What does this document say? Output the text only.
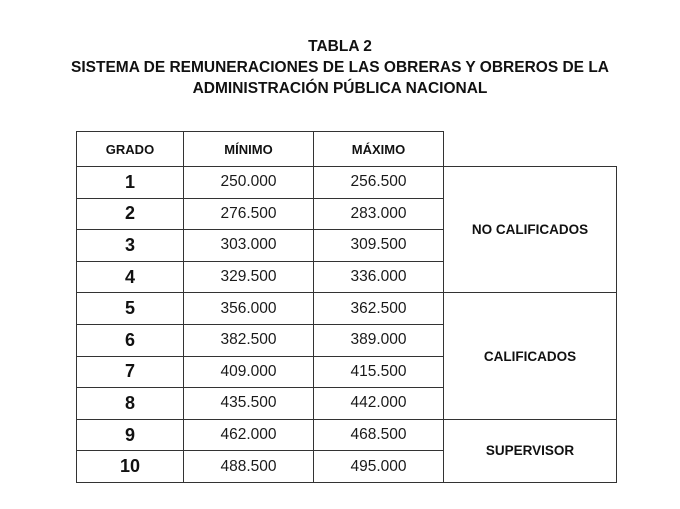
TABLA 2
SISTEMA DE REMUNERACIONES DE LAS OBRERAS Y OBREROS DE LA
ADMINISTRACIÓN PÚBLICA NACIONAL
GRADO	MÍNIMO	MÁXIMO	
1	250.000	256.500	NO CALIFICADOS
2	276.500	283.000	
3	303.000	309.500	
4	329.500	336.000	
5	356.000	362.500	CALIFICADOS
6	382.500	389.000	
7	409.000	415.500	
8	435.500	442.000	
9	462.000	468.500	SUPERVISOR
10	488.500	495.000	
